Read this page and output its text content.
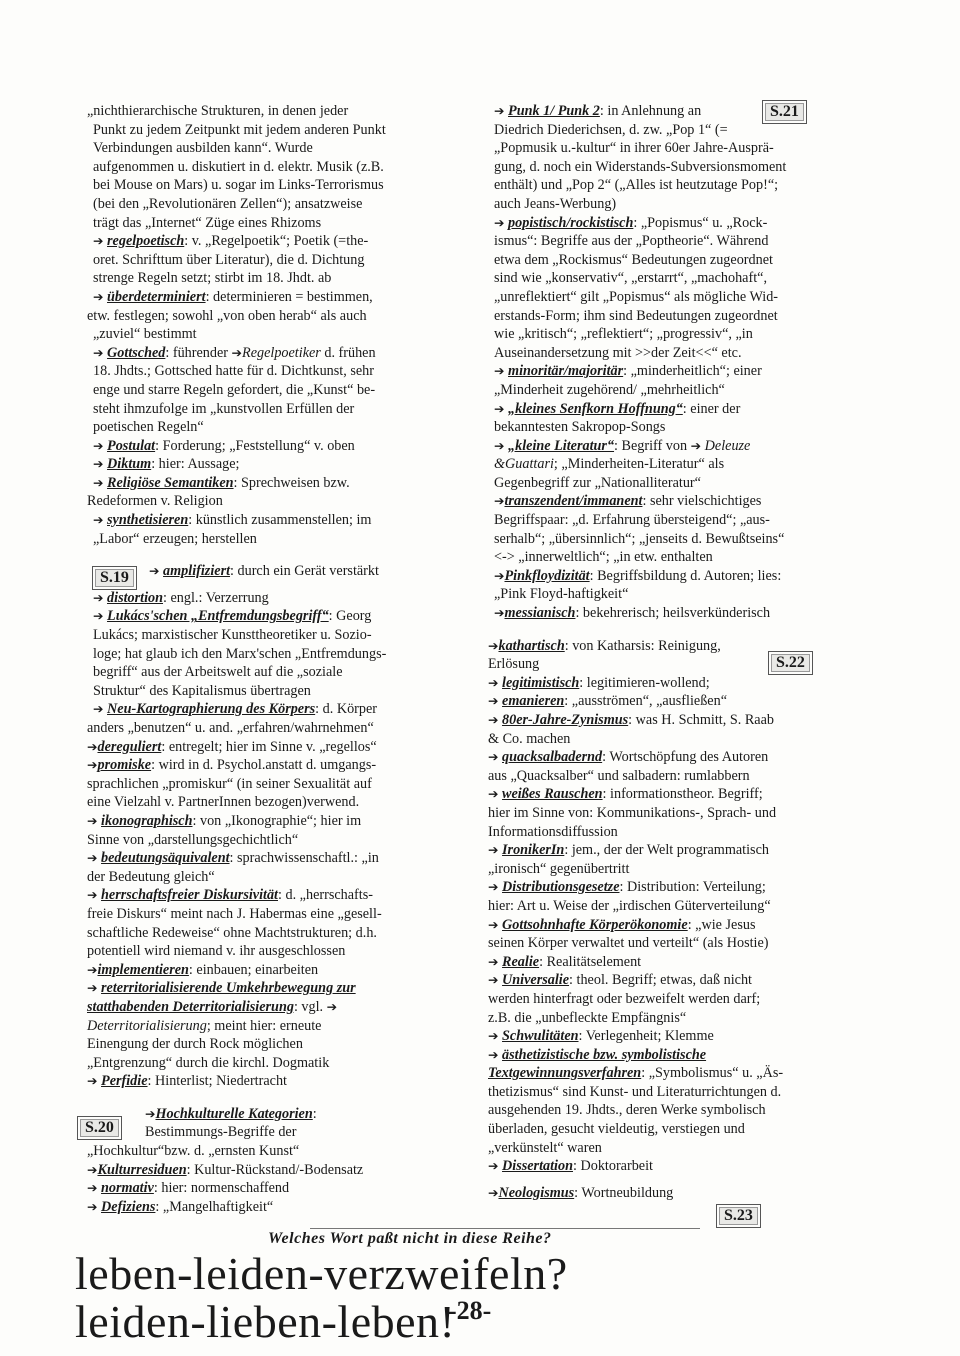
„nichthierarchische Strukturen, in denen jeder

Punkt zu jedem Zeitpunkt mit jedem anderen Punkt

Verbindungen ausbilden kann“. Wurde

aufgenommen u. diskutiert in d. elektr. Musik (z.B.

bei Mouse on Mars) u. sogar im Links-Terrorismus

(bei den „Revolutionären Zellen“); ansatzweise

trägt das „Internet“ Züge eines Rhizoms

➔ regelpoetisch: v. „Regelpoetik“; Poetik (=the-

oret. Schrifttum über Literatur), die d. Dichtung

strenge Regeln setzt; stirbt im 18. Jhdt. ab

➔ überdeterminiert: determinieren = bestimmen,

etw. festlegen; sowohl „von oben herab“ als auch

„zuviel“ bestimmt

➔ Gottsched: führender ➔Regelpoetiker d. frühen

18. Jhdts.; Gottsched hatte für d. Dichtkunst, sehr

enge und starre Regeln gefordert, die „Kunst“ be-

steht ihmzufolge im „kunstvollen Erfüllen der

poetischen Regeln“

➔ Postulat: Forderung; „Feststellung“ v. oben

➔ Diktum: hier: Aussage;

➔ Religiöse Semantiken: Sprechweisen bzw.

Redeformen v. Religion

➔ synthetisieren: künstlich zusammenstellen; im

„Labor“ erzeugen; herstellen

➔ amplifiziert: durch ein Gerät verstärkt

➔ distortion: engl.: Verzerrung

➔ Lukács'schen „Entfremdungsbegriff“: Georg

Lukács; marxistischer Kunsttheoretiker u. Sozio-

loge; hat glaub ich den Marx'schen „Entfremdungs-

begriff“ aus der Arbeitswelt auf die „soziale

Struktur“ des Kapitalismus übertragen

➔ Neu-Kartographierung des Körpers: d. Körper

anders „benutzen“ u. and. „erfahren/wahrnehmen“

➔dereguliert: entregelt; hier im Sinne v. „regellos“

➔promiske: wird in d. Psychol.anstatt d. umgangs-

sprachlichen „promiskur“ (in seiner Sexualität auf

eine Vielzahl v. PartnerInnen bezogen)verwend.

➔ ikonographisch: von „Ikonographie“; hier im

Sinne von „darstellungsgechichtlich“

➔ bedeutungsäquivalent: sprachwissenschaftl.: „in

der Bedeutung gleich“

➔ herrschaftsfreier Diskursivität: d. „herrschafts-

freie Diskurs“ meint nach J. Habermas eine „gesell-

schaftliche Redeweise“ ohne Machtstrukturen; d.h.

potentiell wird niemand v. ihr ausgeschlossen

➔implementieren: einbauen; einarbeiten

➔ reterritorialisierende Umkehrbewegung zur

statthabenden Deterritorialisierung: vgl. ➔

Deterritorialisierung; meint hier: erneute

Einengung der durch Rock möglichen

„Entgrenzung“ durch die kirchl. Dogmatik

➔ Perfidie: Hinterlist; Niedertracht

➔Hochkulturelle Kategorien:

Bestimmungs-Begriffe der

„Hochkultur“bzw. d. „ernsten Kunst“

➔Kulturresiduen: Kultur-Rückstand/-Bodensatz

➔ normativ: hier: normenschaffend

➔ Defiziens: „Mangelhaftigkeit“

➔ Punk 1/ Punk 2: in Anlehnung an

Diedrich Diederichsen, d. zw. „Pop 1“ (=

„Popmusik u.-kultur“ in ihrer 60er Jahre-Ausprä-

gung, d. noch ein Widerstands-Subversionsmoment

enthält) und „Pop 2“ („Alles ist heutzutage Pop!“;

auch Jeans-Werbung)

➔ popistisch/rockistisch: „Popismus“ u. „Rock-

ismus“: Begriffe aus der „Poptheorie“. Während

etwa dem „Rockismus“ Bedeutungen zugeordnet

sind wie „konservativ“, „erstarrt“, „machohaft“,

„unreflektiert“ gilt „Popismus“ als mögliche Wid-

erstands-Form; ihm sind Bedeutungen zugeordnet

wie „kritisch“; „reflektiert“; „progressiv“, „in

Auseinandersetzung mit >>der Zeit<<“ etc.

➔ minoritär/majoritär: „minderheitlich“; einer

„Minderheit zugehörend/ „mehrheitlich“

➔ „kleines Senfkorn Hoffnung“: einer der

bekanntesten Sakropop-Songs

➔ „kleine Literatur“: Begriff von ➔ Deleuze

&Guattari; „Minderheiten-Literatur“ als

Gegenbegriff zur „Nationalliteratur“

➔transzendent/immanent: sehr vielschichtiges

Begriffspaar: „d. Erfahrung übersteigend“; „aus-

serhalb“; „übersinnlich“; „jenseits d. Bewußtseins“

<-> „innerweltlich“; „in etw. enthalten

➔Pinkfloydizität: Begriffsbildung d. Autoren; lies:

„Pink Floyd-haftigkeit“

➔messianisch: bekehrerisch; heilsverkünderisch

➔kathartisch: von Katharsis: Reinigung,

Erlösung

➔ legitimistisch: legitimieren-wollend;

➔ emanieren: „ausströmen“, „ausfließen“

➔ 80er-Jahre-Zynismus: was H. Schmitt, S. Raab

& Co. machen

➔ quacksalbadernd: Wortschöpfung des Autoren

aus „Quacksalber“ und salbadern: rumlabbern

➔ weißes Rauschen: informationstheor. Begriff;

hier im Sinne von: Kommunikations-, Sprach- und

Informationsdiffussion

➔ IronikerIn: jem., der der Welt programmatisch

„ironisch“ gegenübertritt

➔ Distributionsgesetze: Distribution: Verteilung;

hier: Art u. Weise der „irdischen Güterverteilung“

➔ Gottsohnhafte Körperökonomie: „wie Jesus

seinen Körper verwaltet und verteilt“ (als Hostie)

➔ Realie: Realitätselement

➔ Universalie: theol. Begriff; etwas, daß nicht

werden hinterfragt oder bezweifelt werden darf;

z.B. die „unbefleckte Empfängnis“

➔ Schwulitäten: Verlegenheit; Klemme

➔ ästhetizistische bzw. symbolistische

Textgewinnungsverfahren: „Symbolismus“ u. „Äs-

thetizismus“ sind Kunst- und Literaturrichtungen d.

ausgehenden 19. Jhdts., deren Werke symbolisch

überladen, gesucht vieldeutig, verstiegen und

„verkünstelt“ waren

➔ Dissertation: Doktorarbeit

➔Neologismus: Wortneubildung

S.21
S.19
S.22
S.20
S.23
Welches Wort paßt nicht in diese Reihe?
leben-leiden-verzweifeln?
leiden-lieben-leben!
-28-
